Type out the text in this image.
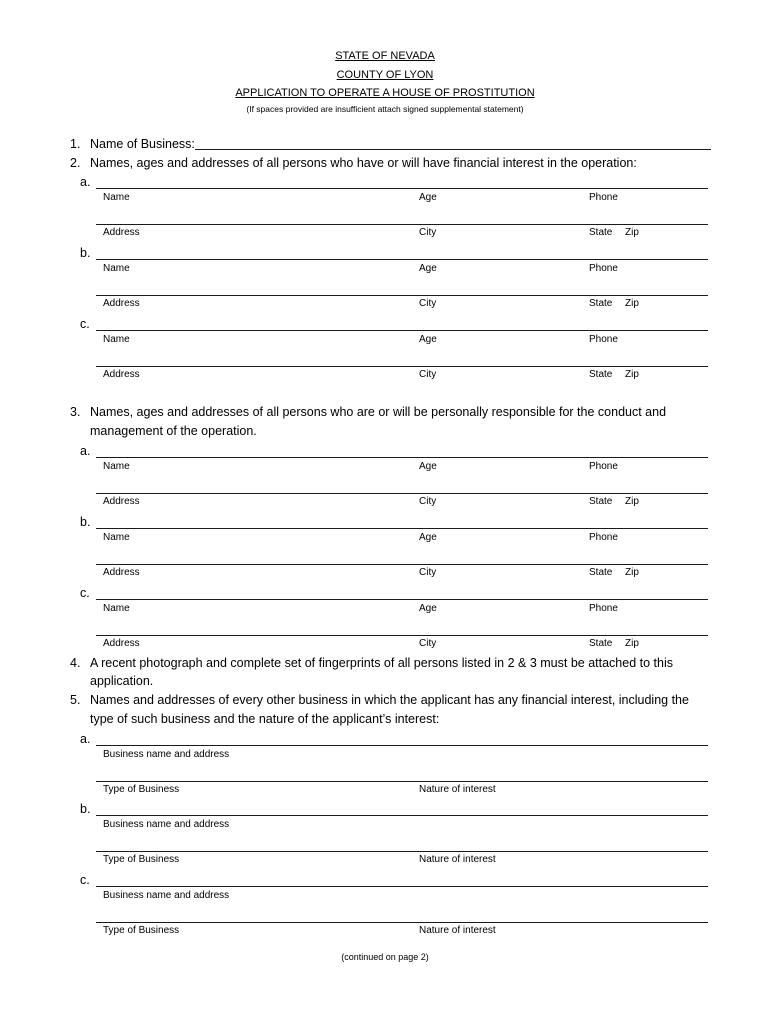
STATE OF NEVADA
COUNTY OF LYON
APPLICATION TO OPERATE A HOUSE OF PROSTITUTION
(If spaces provided are insufficient attach signed supplemental statement)
1. Name of Business:
2. Names, ages and addresses of all persons who have or will have financial interest in the operation:
a.
Name	Age	Phone
Address	City	State Zip
b.
Name	Age	Phone
Address	City	State Zip
c.
Name	Age	Phone
Address	City	State Zip
3. Names, ages and addresses of all persons who are or will be personally responsible for the conduct and
management of the operation.
a.
Name	Age	Phone
Address	City	State Zip
b.
Name	Age	Phone
Address	City	State Zip
c.
Name	Age	Phone
Address	City	State Zip
4. A recent photograph and complete set of fingerprints of all persons listed in 2 & 3 must be attached to this
application.
5. Names and addresses of every other business in which the applicant has any financial interest, including the
type of such business and the nature of the applicant’s interest:
a.
Business name and address
Type of Business	Nature of interest
b.
Business name and address
Type of Business	Nature of interest
c.
Business name and address
Type of Business	Nature of interest
(continued on page 2)
